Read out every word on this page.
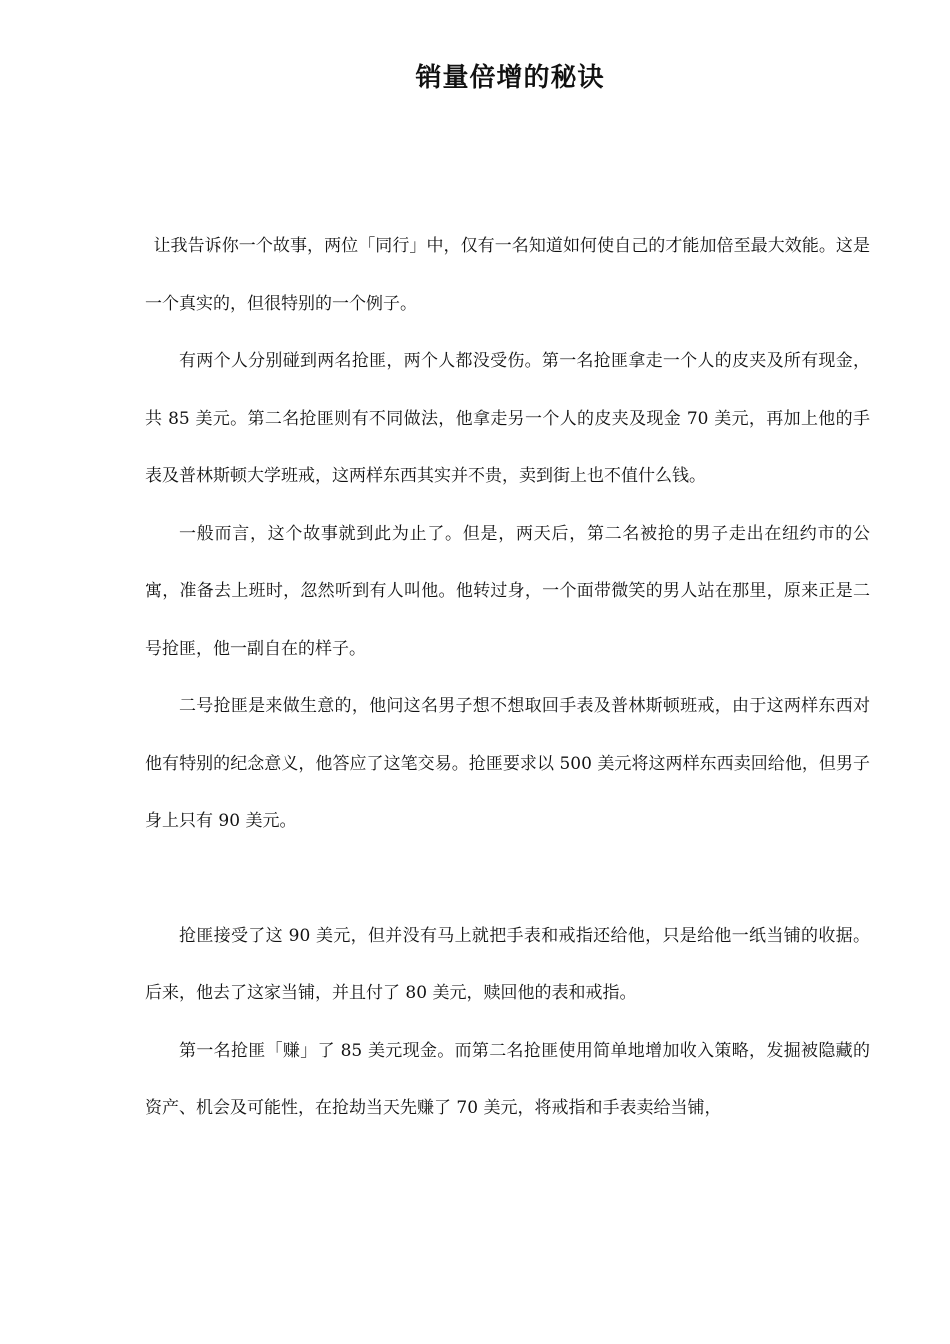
销量倍增的秘诀

让我告诉你一个故事，两位「同行」中，仅有一名知道如何使自己的才能加倍至最大效能。这是一个真实的，但很特别的一个例子。

有两个人分别碰到两名抢匪，两个人都没受伤。第一名抢匪拿走一个人的皮夹及所有现金，共 85 美元。第二名抢匪则有不同做法，他拿走另一个人的皮夹及现金 70 美元，再加上他的手表及普林斯顿大学班戒，这两样东西其实并不贵，卖到街上也不值什么钱。

一般而言，这个故事就到此为止了。但是，两天后，第二名被抢的男子走出在纽约市的公寓，准备去上班时，忽然听到有人叫他。他转过身，一个面带微笑的男人站在那里，原来正是二号抢匪，他一副自在的样子。

二号抢匪是来做生意的，他问这名男子想不想取回手表及普林斯顿班戒，由于这两样东西对他有特别的纪念意义，他答应了这笔交易。抢匪要求以 500 美元将这两样东西卖回给他，但男子身上只有 90 美元。

抢匪接受了这 90 美元，但并没有马上就把手表和戒指还给他，只是给他一纸当铺的收据。后来，他去了这家当铺，并且付了 80 美元，赎回他的表和戒指。

第一名抢匪「赚」了 85 美元现金。而第二名抢匪使用简单地增加收入策略，发掘被隐藏的资产、机会及可能性，在抢劫当天先赚了 70 美元，将戒指和手表卖给当铺，
